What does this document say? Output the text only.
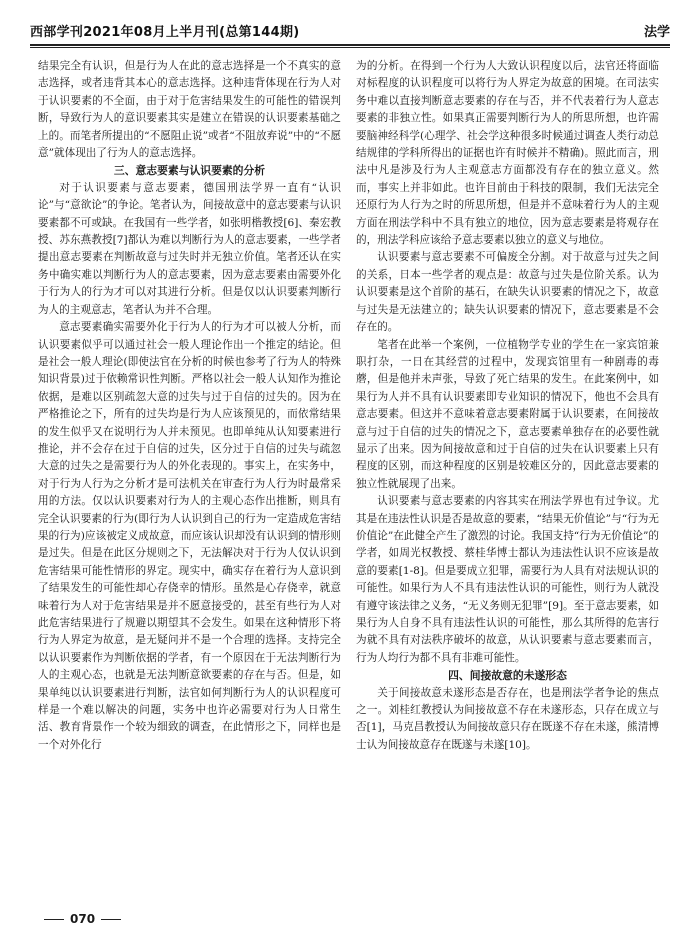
西部学刊2021年08月上半月刊(总第144期)	法学

结果完全有认识，但是行为人在此的意志选择是一个不真实的意志选择，或者违背其本心的意志选择。这种违背体现在行为人对于认识要素的不全面，由于对于危害结果发生的可能性的错误判断，导致行为人的意识要素其实是建立在错误的认识要素基础之上的。而笔者所提出的“不愿阻止说”或者“不阻放弃说”中的“不愿意”就体现出了行为人的意志选择。

三、意志要素与认识要素的分析

对于认识要素与意志要素，德国刑法学界一直有“认识论”与“意欲论”的争论。笔者认为，间接故意中的意志要素与认识要素都不可或缺。在我国有一些学者，如张明楷教授[6]、秦宏教授、苏东燕教授[7]都认为难以判断行为人的意志要素，一些学者提出意志要素在判断故意与过失时并无独立价值。笔者还认在实务中确实难以判断行为人的意志要素，因为意志要素由需要外化于行为人的行为才可以对其进行分析。但是仅以认识要素判断行为人的主观意志，笔者认为并不合理。

意志要素确实需要外化于行为人的行为才可以被人分析，而认识要素似乎可以通过社会一般人理论作出一个推定的结论。但是社会一般人理论(即使法官在分析的时候也参考了行为人的特殊知识背景)过于依赖常识性判断。严格以社会一般人认知作为推论依据，是难以区别疏忽大意的过失与过于自信的过失的。因为在严格推论之下，所有的过失均是行为人应该预见的，而依常结果的发生似乎又在说明行为人并未预见。也即单纯从认知要素进行推论，并不会存在过于自信的过失，区分过于自信的过失与疏忽大意的过失之是需要行为人的外化表现的。事实上，在实务中，对于行为人行为之分析才是可法机关在审查行为人行为时最常采用的方法。仅以认识要素对行为人的主观心态作出推断，则具有完全认识要素的行为(即行为人认识到自己的行为一定造成危害结果的行为)应该被定义成故意，而应该认识却没有认识到的情形则是过失。但是在此区分规则之下，无法解决对于行为人仅认识到危害结果可能性情形的界定。现实中，确实存在着行为人意识到了结果发生的可能性却心存侥幸的情形。虽然是心存侥幸，就意味着行为人对于危害结果是并不愿意接受的，甚至有些行为人对此危害结果进行了规避以期望其不会发生。如果在这种情形下将行为人界定为故意，是无疑问并不是一个合理的选择。支持完全以认识要素作为判断依据的学者，有一个原因在于无法判断行为人的主观心态，也就是无法判断意欲要素的存在与否。但是，如果单纯以认识要素进行判断，法官如何判断行为人的认识程度可样是一个难以解决的问题，实务中也许必需要对行为人日常生活、教育背景作一个较为细致的调查，在此情形之下，同样也是一个对外化行

为的分析。在得到一个行为人大致认识程度以后，法官还将面临对标程度的认识程度可以将行为人界定为故意的困境。在司法实务中难以直接判断意志要素的存在与否，并不代表着行为人意志要素的非独立性。如果真正需要判断行为人的所思所想，也许需要脑神经科学(心理学、社会学这种很多时候通过调查人类行动总结规律的学科所得出的证据也许有时候并不精确)。照此而言，刑法中凡是涉及行为人主观意志方面都没有存在的独立意义。然而，事实上并非如此。也许目前由于科技的限制，我们无法完全还原行为人行为之时的所思所想，但是并不意味着行为人的主观方面在刑法学科中不具有独立的地位，因为意志要素是将观存在的，刑法学科应该给予意志要素以独立的意义与地位。

认识要素与意志要素不可偏废全分割。对于故意与过失之间的关系，日本一些学者的观点是：故意与过失是位阶关系。认为认识要素是这个首阶的基石，在缺失认识要素的情况之下，故意与过失是无法建立的；缺失认识要素的情况下，意志要素是不会存在的。

笔者在此举一个案例，一位植物学专业的学生在一家宾馆兼职打杂，一日在其经营的过程中，发现宾馆里有一种剧毒的毒蘑，但是他并未声张，导致了死亡结果的发生。在此案例中，如果行为人并不具有认识要素即专业知识的情况下，他也不会具有意志要素。但这并不意味着意志要素附属于认识要素，在间接故意与过于自信的过失的情况之下，意志要素单独存在的必要性就显示了出来。因为间接故意和过于自信的过失在认识要素上只有程度的区别，而这种程度的区别是较难区分的，因此意志要素的独立性就展现了出来。

认识要素与意志要素的内容其实在刑法学界也有过争议。尤其是在违法性认识是否是故意的要素，“结果无价值论”与“行为无价值论”在此健全产生了激烈的讨论。我国支持“行为无价值论”的学者，如周光权教授、蔡桂华博士都认为违法性认识不应该是故意的要素[1-8]。但是要成立犯罪，需要行为人具有对法规认识的可能性。如果行为人不具有违法性认识的可能性，则行为人就没有遵守该法律之义务，“无义务则无犯罪”[9]。至于意志要素，如果行为人自身不具有违法性认识的可能性，那么其所得的危害行为就不具有对法秩序破坏的故意，从认识要素与意志要素而言，行为人均行为都不具有非难可能性。

四、间接故意的未遂形态

关于间接故意未遂形态是否存在，也是刑法学者争论的焦点之一。刘桂红教授认为间接故意不存在未遂形态，只存在成立与否[1]，马克昌教授认为间接故意只存在既遂不存在未遂，熊清博士认为间接故意存在既遂与未遂[10]。

070
